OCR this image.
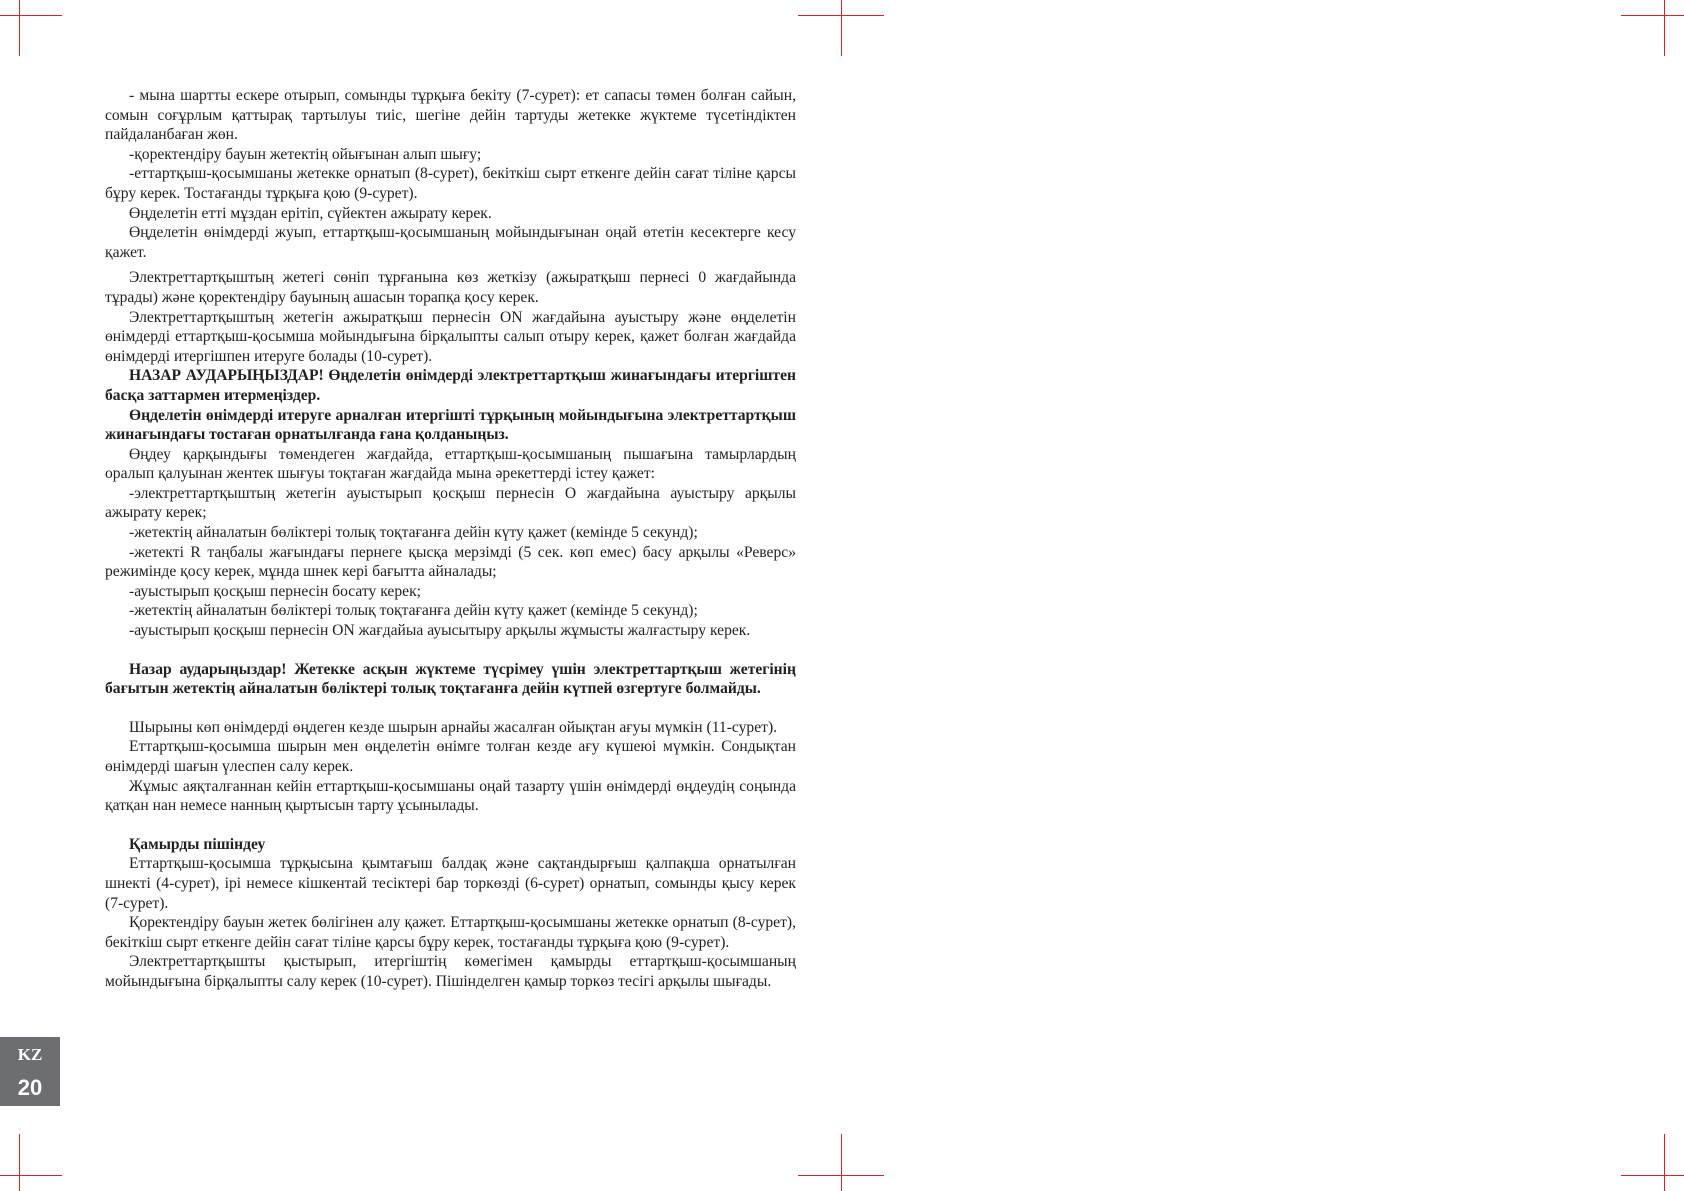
- мына шартты ескере отырып, сомынды тұрқыға бекіту (7-сурет): ет сапасы төмен болған сайын, сомын соғұрлым қаттырақ тартылуы тиіс, шегіне дейін тартуды жетекке жүктеме түсетіндіктен пайдаланбаған жөн.

-қоректендіру бауын жетектің ойығынан алып шығу;

-еттартқыш-қосымшаны жетекке орнатып (8-сурет), бекіткіш сырт еткенге дейін сағат тіліне қарсы бұру керек. Тостағанды тұрқыға қою (9-сурет).

Өңделетін етті мұздан ерітіп, сүйектен ажырату керек.

Өңделетін өнімдерді жуып, еттартқыш-қосымшаның мойындығынан оңай өтетін кесектерге кесу қажет.

Электреттартқыштың жетегі сөніп тұрғанына көз жеткізу (ажыратқыш пернесі 0 жағдайында тұрады) және қоректендіру бауының ашасын торапқа қосу керек.

Электреттартқыштың жетегін ажыратқыш пернесін ON жағдайына ауыстыру және өңделетін өнімдерді еттартқыш-қосымша мойындығына бірқалыпты салып отыру керек, қажет болған жағдайда өнімдерді итергішпен итеруге болады (10-сурет).

НАЗАР АУДАРЫҢЫЗДАР! Өңделетін өнімдерді электреттартқыш жинағындағы итергіштен басқа заттармен итермеңіздер.

Өңделетін өнімдерді итеруге арналған итергішті тұрқының мойындығына электреттартқыш жинағындағы тостаған орнатылғанда ғана қолданыңыз.

Өңдеу қарқындығы төмендеген жағдайда, еттартқыш-қосымшаның пышағына тамырлардың оралып қалуынан жентек шығуы тоқтаған жағдайда мына әрекеттерді істеу қажет:

-электреттартқыштың жетегін ауыстырып қосқыш пернесін O жағдайына ауыстыру арқылы ажырату керек;

-жетектің айналатын бөліктері толық тоқтағанға дейін күту қажет (кемінде 5 секунд);

-жетекті R таңбалы жағындағы пернеге қысқа мерзімді (5 сек. көп емес) басу арқылы «Реверс» режимінде қосу керек, мұнда шнек кері бағытта айналады;

-ауыстырып қосқыш пернесін босату керек;

-жетектің айналатын бөліктері толық тоқтағанға дейін күту қажет (кемінде 5 секунд);

-ауыстырып қосқыш пернесін ON жағдайыа ауысытыру арқылы жұмысты жалғастыру керек.

Назар аударыңыздар! Жетекке асқын жүктеме түсрімеу үшін электреттартқыш жетегінің бағытын жетектің айналатын бөліктері толық тоқтағанға дейін күтпей өзгертуге болмайды.

Шырыны көп өнімдерді өңдеген кезде шырын арнайы жасалған ойықтан ағуы мүмкін (11-сурет).

Еттартқыш-қосымша шырын мен өңделетін өнімге толған кезде ағу күшеюі мүмкін. Сондықтан өнімдерді шағын үлеспен салу керек.

Жұмыс аяқталғаннан кейін еттартқыш-қосымшаны оңай тазарту үшін өнімдерді өңдеудің соңында қатқан нан немесе нанның қыртысын тарту ұсынылады.

Қамырды пішіндеу

Еттартқыш-қосымша тұрқысына қымтағыш балдақ және сақтандырғыш қалпақша орнатылған шнекті (4-сурет), ірі немесе кішкентай тесіктері бар торкөзді (6-сурет) орнатып, сомынды қысу керек (7-сурет).

Қоректендіру бауын жетек бөлігінен алу қажет. Еттартқыш-қосымшаны жетекке орнатып (8-сурет), бекіткіш сырт еткенге дейін сағат тіліне қарсы бұру керек, тостағанды тұрқыға қою (9-сурет).

Электреттартқышты қыстырып, итергіштің көмегімен қамырды еттартқыш-қосымшаның мойындығына бірқалыпты салу керек (10-сурет). Пішінделген қамыр торкөз тесігі арқылы шығады.

KZ
20
